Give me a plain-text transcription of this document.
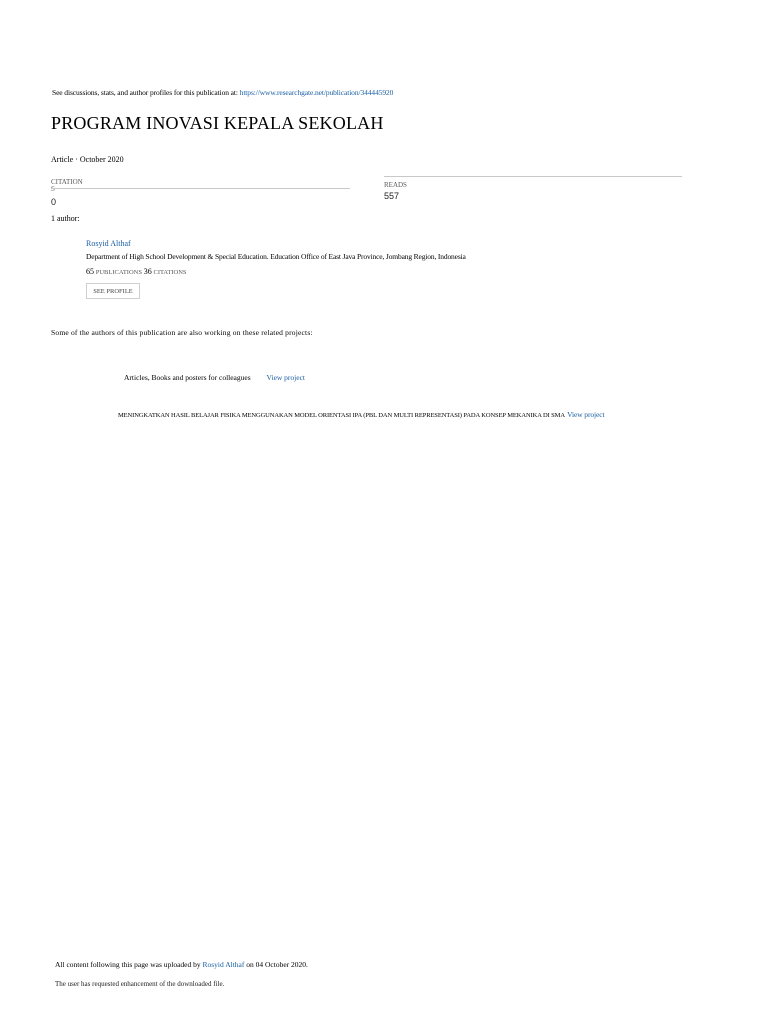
See discussions, stats, and author profiles for this publication at: https://www.researchgate.net/publication/344445920
PROGRAM INOVASI KEPALA SEKOLAH
Article · October 2020
CITATION
S
0
READS
557
1 author:
Rosyid Althaf
Department of High School Development & Special Education. Education Office of East Java Province, Jombang Region, Indonesia
65 PUBLICATIONS 36 CITATIONS
SEE PROFILE
Some of the authors of this publication are also working on these related projects:
Articles, Books and posters for colleagues View project
MENINGKATKAN HASIL BELAJAR FISIKA MENGGUNAKAN MODEL ORIENTASI IPA (PBL DAN MULTI REPRESENTASI) PADA KONSEP MEKANIKA DI SMA View project
All content following this page was uploaded by Rosyid Althaf on 04 October 2020.
The user has requested enhancement of the downloaded file.
